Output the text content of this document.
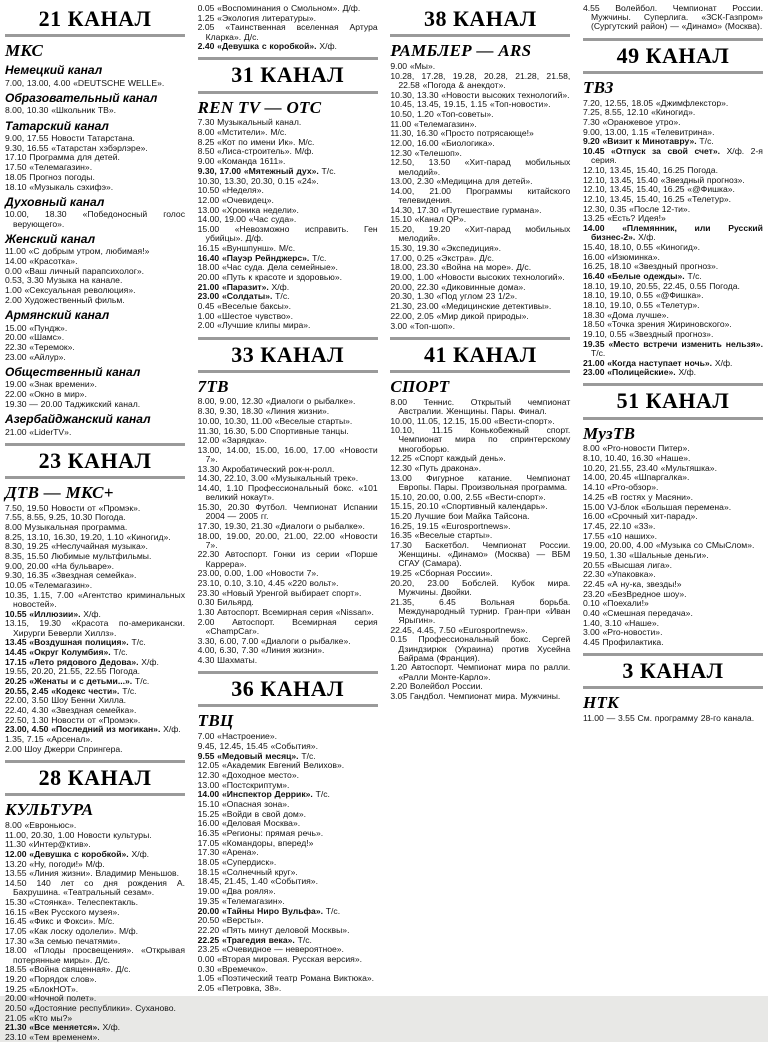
21 КАНАЛ
МКС
Немецкий канал
7.00, 13.00, 4.00 «DEUTSCHE WELLE».
Образовательный канал
8.00, 10.30 «Школьник ТВ».
Татарский канал
9.00, 17.55 Новости Татарстана.
9.30, 16.55 «Татарстан хэбэрлэре».
17.10 Программа для детей.
17.50 «Телемагазин».
18.05 Прогноз погоды.
18.10 «Музыкаль сэхифэ».
Духовный канал
10.00, 18.30 «Победоносный голос верующего».
Женский канал
11.00 «С добрым утром, любимая!»
14.00 «Красотка».
0.00 «Ваш личный парапсихолог».
0.53, 3.30 Музыка на канале.
1.00 «Сексуальная революция».
2.00 Художественный фильм.
Армянский канал
15.00 «Пундж».
20.00 «Шамс».
22.30 «Теремок».
23.00 «Айлур».
Общественный канал
19.00 «Знак времени».
22.00 «Окно в мир».
19.30 — 20.00 Таджикский канал.
Азербайджанский канал
21.00 «LiderTV».
23 КАНАЛ
ДТВ — МКС+
7.50, 19.50 Новости от «Промэк».
7.55, 8.55, 9.25, 10.30 Погода.
8.00 Музыкальная программа.
8.25, 13.10, 16.30, 19.20, 1.10 «Киногид».
8.30, 19.25 «Неслучайная музыка».
8.35, 15.50 Любимые мультфильмы.
9.00, 20.00 «На бульваре».
9.30, 16.35 «Звездная семейка».
10.05 «Телемагазин».
10.35, 1.15, 7.00 «Агентство криминальных новостей».
10.55 «Иллюзии». Х/ф.
13.15, 19.30 «Красота по-американски. Хирурги Беверли Хиллз».
13.45 «Воздушная полиция». Т/с.
14.45 «Округ Колумбия». Т/с.
17.15 «Лето рядового Дедова». Х/ф.
19.55, 20.20, 21.55, 22.55 Погода.
20.25 «Женаты и с детьми...». Т/с.
20.55, 2.45 «Кодекс чести». Т/с.
22.00, 3.50 Шоу Бенни Хилла.
22.40, 4.30 «Звездная семейка».
22.50, 1.30 Новости от «Промэк».
23.00, 4.50 «Последний из могикан». Х/ф.
1.35, 7.15 «Арсенал».
2.00 Шоу Джерри Спрингера.
28 КАНАЛ
КУЛЬТУРА
8.00 «Евроньюс».
11.00, 20.30, 1.00 Новости культуры.
11.30 «Интер@ктив».
12.00 «Девушка с коробкой». Х/ф.
13.20 «Ну, погоди!» М/ф.
13.55 «Линия жизни». Владимир Меньшов.
14.50 140 лет со дня рождения А. Бахрушина. «Театральный сезам».
15.30 «Стоянка». Телеспектакль.
16.15 «Век Русского музея».
16.45 «Фикс и Фокси». М/с.
17.05 «Как лоску одолели». М/ф.
17.30 «За семью печатями».
18.00 «Плоды просвещения». «Открывая потерянные миры». Д/с.
18.55 «Война священная». Д/с.
19.20 «Порядок слов».
19.25 «БлокНОТ».
20.00 «Ночной полет».
20.50 «Достояние республики». Суханово.
21.05 «Кто мы?»
21.30 «Все меняется». Х/ф.
23.10 «Тем временем».
0.05 «Воспоминания о Смольном». Д/ф.
1.25 «Экология литературы».
2.05 «Таинственная вселенная Артура Кларка». Д/с.
2.40 «Девушка с коробкой». Х/ф.
31 КАНАЛ
REN TV — ОТС
7.30 Музыкальный канал.
8.00 «Мстители». М/с.
8.25 «Кот по имени Ик». М/с.
8.50 «Лиса-строитель». М/ф.
9.00 «Команда 1611».
9.30, 17.00 «Мятежный дух». Т/с.
10.30, 13.30, 20.30, 0.15 «24».
10.50 «Неделя».
12.00 «Очевидец».
13.00 «Хроника недели».
14.00, 19.00 «Час суда».
15.00 «Невозможно исправить. Ген убийцы». Д/ф.
16.15 «Вуншпунш». М/с.
16.40 «Пауэр Рейнджерс». Т/с.
18.00 «Час суда. Дела семейные».
20.00 «Путь к красоте и здоровью».
21.00 «Паразит». Х/ф.
23.00 «Солдаты». Т/с.
0.45 «Веселые баксы».
1.00 «Шестое чувство».
2.00 «Лучшие клипы мира».
33 КАНАЛ
7ТВ
8.00, 9.00, 12.30 «Диалоги о рыбалке».
8.30, 9.30, 18.30 «Линия жизни».
10.00, 10.30, 11.00 «Веселые старты».
11.30, 16.30, 5.00 Спортивные танцы.
12.00 «Зарядка».
13.00, 14.00, 15.00, 16.00, 17.00 «Новости 7».
13.30 Акробатический рок-н-ролл.
14.30, 22.10, 3.00 «Музыкальный трек».
14.40, 1.10 Профессиональный бокс. «101 великий нокаут».
15.30, 20.30 Футбол. Чемпионат Испании 2004 — 2005 гг.
17.30, 19.30, 21.30 «Диалоги о рыбалке».
18.00, 19.00, 20.00, 21.00, 22.00 «Новости 7».
22.30 Автоспорт. Гонки из серии «Порше Каррера».
23.00, 0.00, 1.00 «Новости 7».
23.10, 0.10, 3.10, 4.45 «220 вольт».
23.30 «Новый Уренгой выбирает спорт».
0.30 Бильярд.
1.30 Автоспорт. Всемирная серия «Nissan».
2.00 Автоспорт. Всемирная серия «ChampCar».
3.30, 6.00, 7.00 «Диалоги о рыбалке».
4.00, 6.30, 7.30 «Линия жизни».
4.30 Шахматы.
36 КАНАЛ
ТВЦ
7.00 «Настроение».
9.45, 12.45, 15.45 «События».
9.55 «Медовый месяц». Т/с.
12.05 «Академик Евгений Велихов».
12.30 «Доходное место».
13.00 «Постскриптум».
14.00 «Инспектор Деррик». Т/с.
15.10 «Опасная зона».
15.25 «Войди в свой дом».
16.00 «Деловая Москва».
16.35 «Регионы: прямая речь».
17.05 «Командоры, вперед!»
17.30 «Арена».
18.05 «Супердиск».
18.15 «Солнечный круг».
18.45, 21.45, 1.40 «События».
19.00 «Два рояля».
19.35 «Телемагазин».
20.00 «Тайны Ниро Вульфа». Т/с.
20.50 «Версты».
22.20 «Пять минут деловой Москвы».
22.25 «Трагедия века». Т/с.
23.25 «Очевидное — невероятное».
0.00 «Вторая мировая. Русская версия».
0.30 «Времечко».
1.05 «Поэтический театр Романа Виктюка».
2.05 «Петровка, 38».
38 КАНАЛ
РАМБЛЕР — ARS
9.00 «Мы».
10.28, 17.28, 19.28, 20.28, 21.28, 21.58, 22.58 «Погода & анекдот».
10.30, 13.30 «Новости высоких технологий».
10.45, 13.45, 19.15, 1.15 «Топ-новости».
10.50, 1.20 «Топ-советы».
11.00 «Телемагазин».
11.30, 16.30 «Просто потрясающе!»
12.00, 16.00 «Биологика».
12.30 «Телешоп».
12.50, 13.50 «Хит-парад мобильных мелодий».
13.00, 2.30 «Медицина для детей».
14.00, 21.00 Программы китайского телевидения.
14.30, 17.30 «Путешествие гурмана».
15.10 «Канал QP».
15.20, 19.20 «Хит-парад мобильных мелодий».
15.30, 19.30 «Экспедиция».
17.00, 0.25 «Экстра». Д/с.
18.00, 23.30 «Война на море». Д/с.
19.00, 1.00 «Новости высоких технологий».
20.00, 22.30 «Диковинные дома».
20.30, 1.30 «Под углом 23 1/2».
21.30, 23.00 «Медицинские детективы».
22.00, 2.05 «Мир дикой природы».
3.00 «Топ-шоп».
41 КАНАЛ
СПОРТ
8.00 Теннис. Открытый чемпионат Австралии. Женщины. Пары. Финал.
10.00, 11.05, 12.15, 15.00 «Вести-спорт».
10.10, 11.15 Конькобежный спорт. Чемпионат мира по спринтерскому многоборью.
12.25 «Спорт каждый день».
12.30 «Путь дракона».
13.00 Фигурное катание. Чемпионат Европы. Пары. Произвольная программа.
15.10, 20.00, 0.00, 2.55 «Вести-спорт».
15.15, 20.10 «Спортивный календарь».
15.20 Лучшие бои Майка Тайсона.
16.25, 19.15 «Eurosportnews».
16.35 «Веселые старты».
17.30 Баскетбол. Чемпионат России. Женщины. «Динамо» (Москва) — ВБМ СГАУ (Самара).
19.25 «Сборная России».
20.20, 23.00 Бобслей. Кубок мира. Мужчины. Двойки.
21.35, 6.45 Вольная борьба. Международный турнир. Гран-при «Иван Ярыгин».
22.45, 4.45, 7.50 «Eurosportnews».
0.15 Профессиональный бокс. Сергей Дзиндзирюк (Украина) против Хусейна Байрама (Франция).
1.20 Автоспорт. Чемпионат мира по ралли. «Ралли Монте-Карло».
2.20 Волейбол России.
3.05 Гандбол. Чемпионат мира. Мужчины.
4.55 Волейбол. Чемпионат России. Мужчины. Суперлига. «ЗСК-Газпром» (Сургутский район) — «Динамо» (Москва).
49 КАНАЛ
ТВЗ
7.20, 12.55, 18.05 «Джимфлекстор».
7.25, 8.55, 12.10 «Киногид».
7.30 «Оранжевое утро».
9.00, 13.00, 1.15 «Телевитрина».
9.20 «Визит к Минотавру». Т/с.
10.45 «Отпуск за свой счет». Х/ф. 2-я серия.
12.10, 13.45, 15.40, 16.25 Погода.
12.10, 13.45, 15.40 «Звездный прогноз».
12.10, 13.45, 15.40, 16.25 «@Фишка».
12.10, 13.45, 15.40, 16.25 «Телетур».
12.30, 0.35 «После 12-ти».
13.25 «Есть? Идея!»
14.00 «Племянник, или Русский бизнес-2». Х/ф.
15.40, 18.10, 0.55 «Киногид».
16.00 «Изюминка».
16.25, 18.10 «Звездный прогноз».
16.40 «Белые одежды». Т/с.
18.10, 19.10, 20.55, 22.45, 0.55 Погода.
18.10, 19.10, 0.55 «@Фишка».
18.10, 19.10, 0.55 «Телетур».
18.30 «Дома лучше».
18.50 «Точка зрения Жириновского».
19.10, 0.55 «Звездный прогноз».
19.35 «Место встречи изменить нельзя». Т/с.
21.00 «Когда наступает ночь». Х/ф.
23.00 «Полицейские». Х/ф.
51 КАНАЛ
МузТВ
8.00 «Pro-новости Питер».
8.10, 10.40, 16.30 «Наше».
10.20, 21.55, 23.40 «Мультяшка».
14.00, 20.45 «Шпаргалка».
14.10 «Pro-обзор».
14.25 «В гостях у Масяни».
15.00 VJ-блок «Большая перемена».
16.00 «Срочный хит-парад».
17.45, 22.10 «33».
17.55 «10 наших».
19.00, 20.00, 4.00 «Музыка со СМыСлом».
19.50, 1.30 «Шальные деньги».
20.55 «Высшая лига».
22.30 «Упаковка».
22.45 «А ну-ка, звезды!»
23.20 «БезВредное шоу».
0.10 «Поехали!»
0.40 «Смешная передача».
1.40, 3.10 «Наше».
3.00 «Pro-новости».
4.45 Профилактика.
3 КАНАЛ
НТК
11.00 — 3.55 См. программу 28-го канала.
